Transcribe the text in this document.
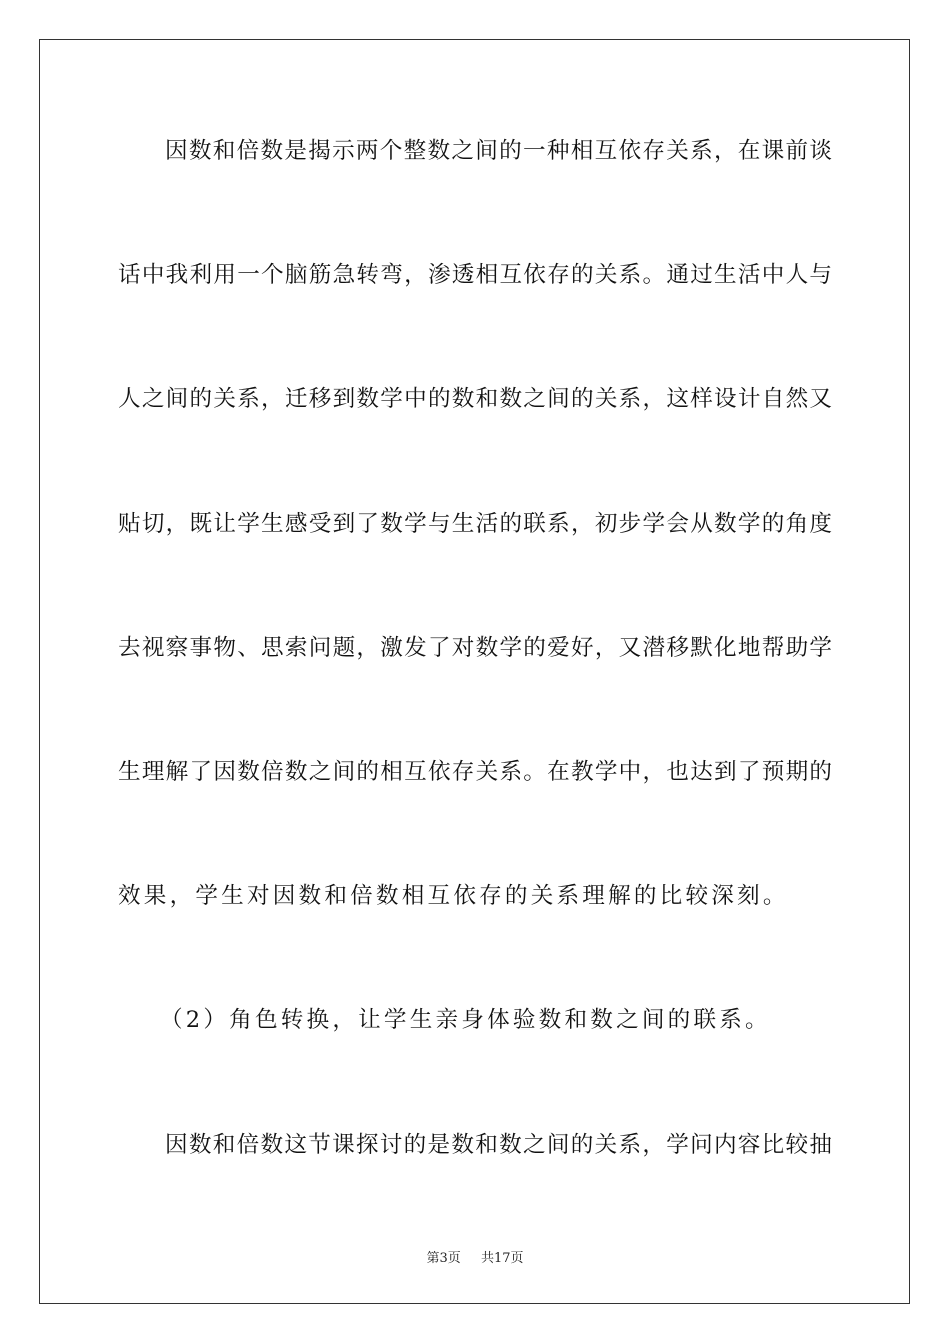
因数和倍数是揭示两个整数之间的一种相互依存关系，在课前谈
话中我利用一个脑筋急转弯，渗透相互依存的关系。通过生活中人与
人之间的关系，迁移到数学中的数和数之间的关系，这样设计自然又
贴切，既让学生感受到了数学与生活的联系，初步学会从数学的角度
去视察事物、思索问题，激发了对数学的爱好，又潜移默化地帮助学
生理解了因数倍数之间的相互依存关系。在教学中，也达到了预期的
效果，学生对因数和倍数相互依存的关系理解的比较深刻。
（2）角色转换，让学生亲身体验数和数之间的联系。
因数和倍数这节课探讨的是数和数之间的关系，学问内容比较抽
第3页 共17页
